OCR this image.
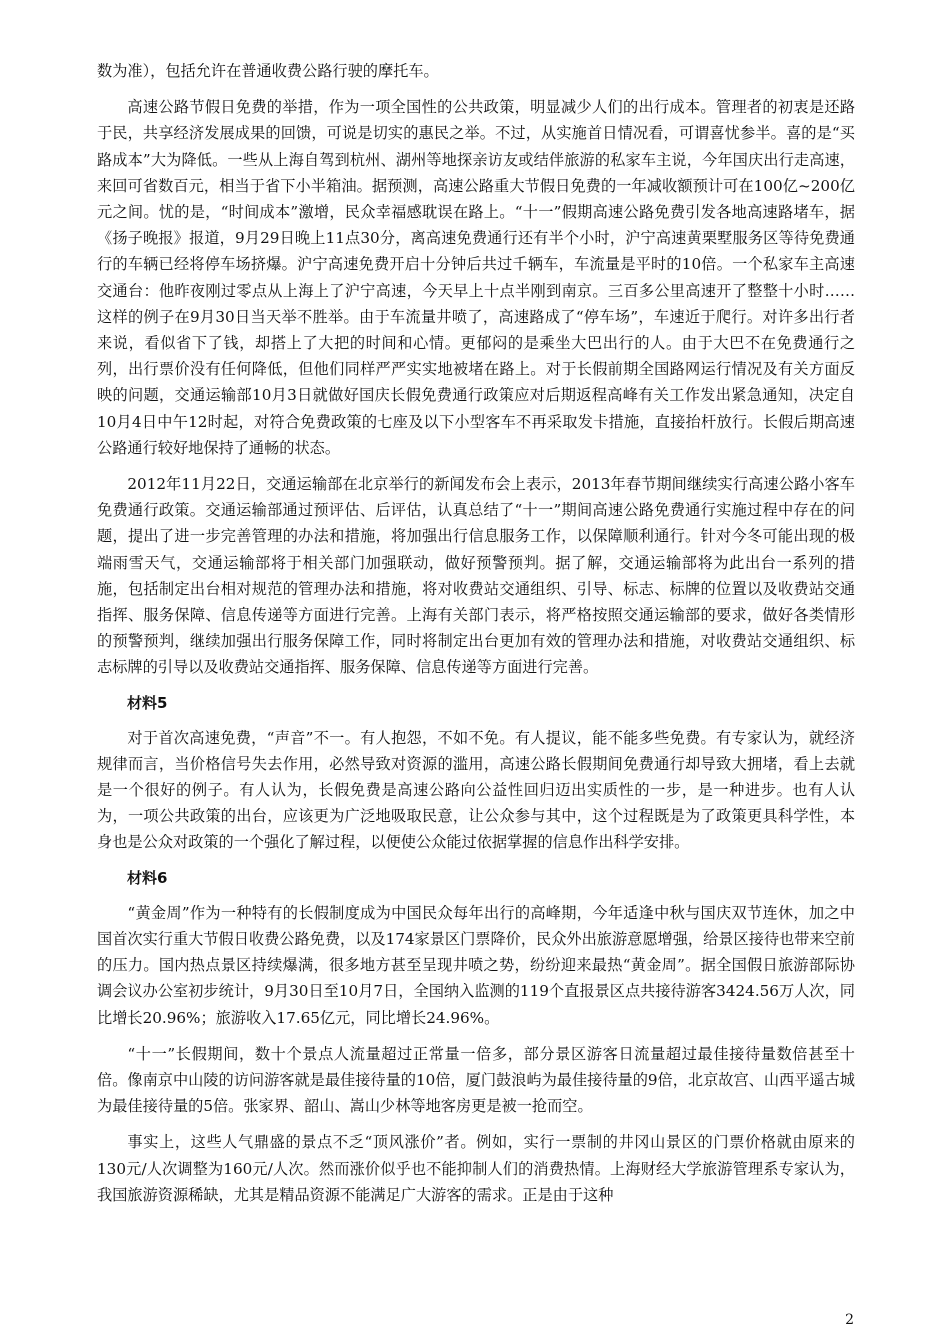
数为准），包括允许在普通收费公路行驶的摩托车。

高速公路节假日免费的举措，作为一项全国性的公共政策，明显减少人们的出行成本。管理者的初衷是还路于民，共享经济发展成果的回馈，可说是切实的惠民之举。不过，从实施首日情况看，可谓喜忧参半。喜的是“买路成本”大为降低。一些从上海自驾到杭州、湖州等地探亲访友或结伴旅游的私家车主说，今年国庆出行走高速，来回可省数百元，相当于省下小半箱油。据预测，高速公路重大节假日免费的一年减收额预计可在100亿~200亿元之间。忧的是，“时间成本”激增，民众幸福感耽误在路上。“十一”假期高速公路免费引发各地高速路堵车，据《扬子晚报》报道，9月29日晚上11点30分，离高速免费通行还有半个小时，沪宁高速黄栗墅服务区等待免费通行的车辆已经将停车场挤爆。沪宁高速免费开启十分钟后共过千辆车，车流量是平时的10倍。一个私家车主高速交通台：他昨夜刚过零点从上海上了沪宁高速，今天早上十点半刚到南京。三百多公里高速开了整整十小时……这样的例子在9月30日当天举不胜举。由于车流量井喷了，高速路成了“停车场”，车速近于爬行。对许多出行者来说，看似省下了钱，却搭上了大把的时间和心情。更郁闷的是乘坐大巴出行的人。由于大巴不在免费通行之列，出行票价没有任何降低，但他们同样严严实实地被堵在路上。对于长假前期全国路网运行情况及有关方面反映的问题，交通运输部10月3日就做好国庆长假免费通行政策应对后期返程高峰有关工作发出紧急通知，决定自10月4日中午12时起，对符合免费政策的七座及以下小型客车不再采取发卡措施，直接抬杆放行。长假后期高速公路通行较好地保持了通畅的状态。

2012年11月22日，交通运输部在北京举行的新闻发布会上表示，2013年春节期间继续实行高速公路小客车免费通行政策。交通运输部通过预评估、后评估，认真总结了“十一”期间高速公路免费通行实施过程中存在的问题，提出了进一步完善管理的办法和措施，将加强出行信息服务工作，以保障顺利通行。针对今冬可能出现的极端雨雪天气，交通运输部将于相关部门加强联动，做好预警预判。据了解，交通运输部将为此出台一系列的措施，包括制定出台相对规范的管理办法和措施，将对收费站交通组织、引导、标志、标牌的位置以及收费站交通指挥、服务保障、信息传递等方面进行完善。上海有关部门表示，将严格按照交通运输部的要求，做好各类情形的预警预判，继续加强出行服务保障工作，同时将制定出台更加有效的管理办法和措施，对收费站交通组织、标志标牌的引导以及收费站交通指挥、服务保障、信息传递等方面进行完善。

材料5

对于首次高速免费，“声音”不一。有人抱怨，不如不免。有人提议，能不能多些免费。有专家认为，就经济规律而言，当价格信号失去作用，必然导致对资源的滥用，高速公路长假期间免费通行却导致大拥堵，看上去就是一个很好的例子。有人认为，长假免费是高速公路向公益性回归迈出实质性的一步，是一种进步。也有人认为，一项公共政策的出台，应该更为广泛地吸取民意，让公众参与其中，这个过程既是为了政策更具科学性，本身也是公众对政策的一个强化了解过程，以便使公众能过依据掌握的信息作出科学安排。

材料6

“黄金周”作为一种特有的长假制度成为中国民众每年出行的高峰期，今年适逢中秋与国庆双节连休，加之中国首次实行重大节假日收费公路免费，以及174家景区门票降价，民众外出旅游意愿增强，给景区接待也带来空前的压力。国内热点景区持续爆满，很多地方甚至呈现井喷之势，纷纷迎来最热“黄金周”。据全国假日旅游部际协调会议办公室初步统计，9月30日至10月7日，全国纳入监测的119个直报景区点共接待游客3424.56万人次，同比增长20.96%；旅游收入17.65亿元，同比增长24.96%。

“十一”长假期间，数十个景点人流量超过正常量一倍多，部分景区游客日流量超过最佳接待量数倍甚至十倍。像南京中山陵的访问游客就是最佳接待量的10倍，厦门鼓浪屿为最佳接待量的9倍，北京故宫、山西平遥古城为最佳接待量的5倍。张家界、韶山、嵩山少林等地客房更是被一抢而空。

事实上，这些人气鼎盛的景点不乏“顶风涨价”者。例如，实行一票制的井冈山景区的门票价格就由原来的130元/人次调整为160元/人次。然而涨价似乎也不能抑制人们的消费热情。上海财经大学旅游管理系专家认为，我国旅游资源稀缺，尤其是精品资源不能满足广大游客的需求。正是由于这种

2
